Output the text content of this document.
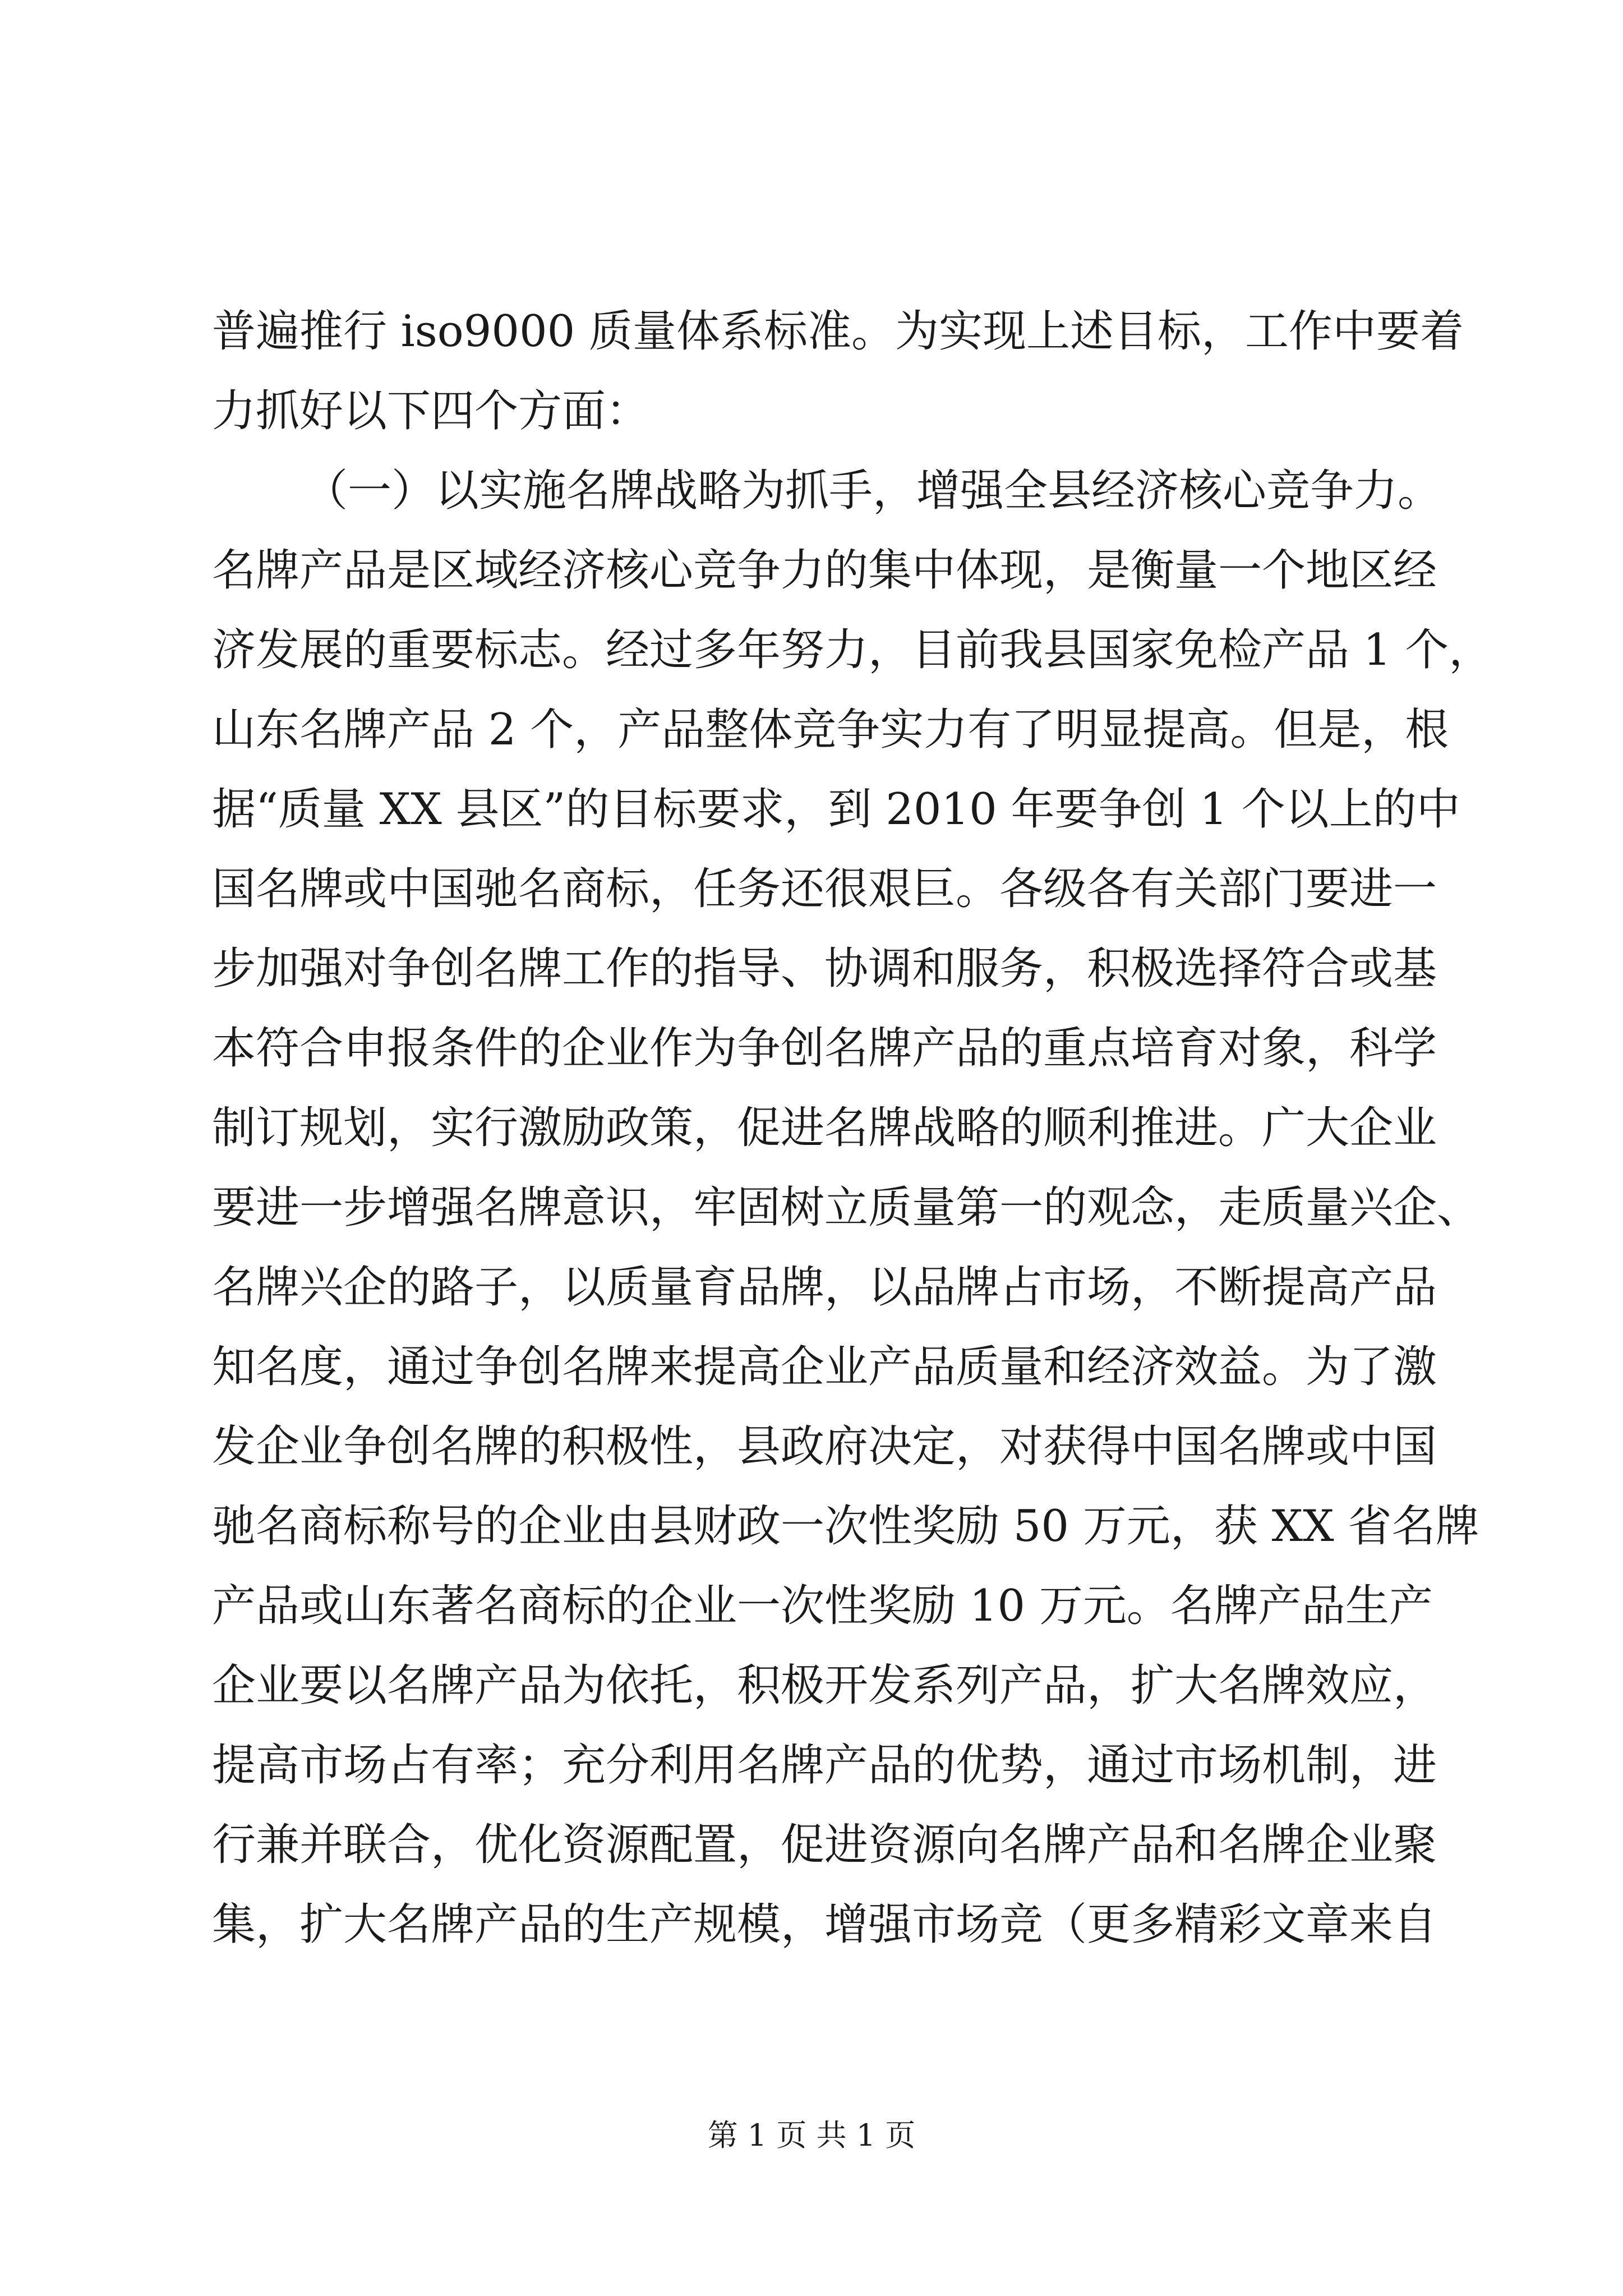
普遍推行 iso9000 质量体系标准。为实现上述目标，工作中要着
力抓好以下四个方面：
（一）以实施名牌战略为抓手，增强全县经济核心竞争力。
名牌产品是区域经济核心竞争力的集中体现，是衡量一个地区经
济发展的重要标志。经过多年努力，目前我县国家免检产品 1 个，
山东名牌产品 2 个，产品整体竞争实力有了明显提高。但是，根
据“质量 XX 县区”的目标要求，到 2010 年要争创 1 个以上的中
国名牌或中国驰名商标，任务还很艰巨。各级各有关部门要进一
步加强对争创名牌工作的指导、协调和服务，积极选择符合或基
本符合申报条件的企业作为争创名牌产品的重点培育对象，科学
制订规划，实行激励政策，促进名牌战略的顺利推进。广大企业
要进一步增强名牌意识，牢固树立质量第一的观念，走质量兴企、
名牌兴企的路子，以质量育品牌，以品牌占市场，不断提高产品
知名度，通过争创名牌来提高企业产品质量和经济效益。为了激
发企业争创名牌的积极性，县政府决定，对获得中国名牌或中国
驰名商标称号的企业由县财政一次性奖励 50 万元，获 XX 省名牌
产品或山东著名商标的企业一次性奖励 10 万元。名牌产品生产
企业要以名牌产品为依托，积极开发系列产品，扩大名牌效应，
提高市场占有率；充分利用名牌产品的优势，通过市场机制，进
行兼并联合，优化资源配置，促进资源向名牌产品和名牌企业聚
集，扩大名牌产品的生产规模，增强市场竞（更多精彩文章来自
第 1 页 共 1 页
